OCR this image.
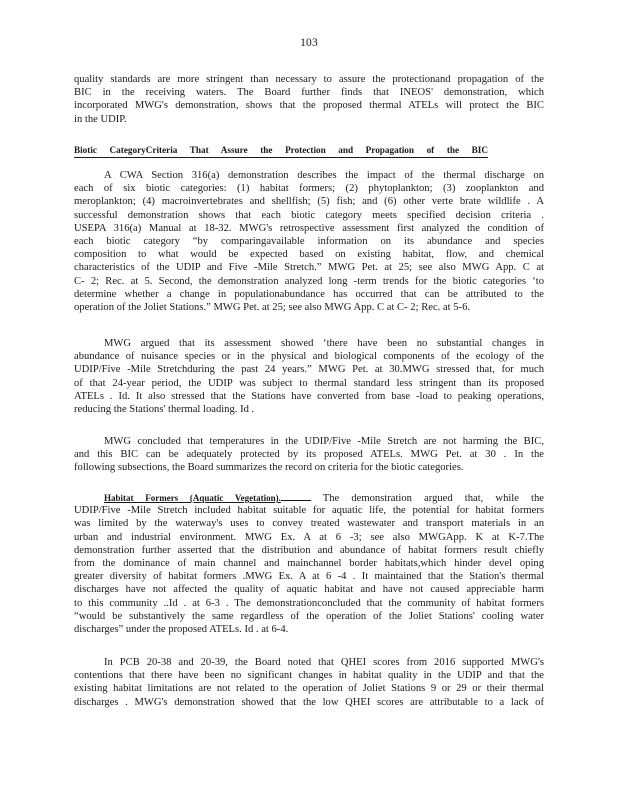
103
quality standards are more stringent than necessary to assure the protectionand propagation of the
BIC in the receiving waters. The Board further finds that INEOS' demonstration, which
incorporated MWG's demonstration, shows that the proposed thermal ATELs will protect the BIC
in the UDIP.
Biotic CategoryCriteria That Assure the Protection and Propagation of the BIC
A CWA Section 316(a) demonstration describes the impact of the thermal discharge on
each of six biotic categories: (1) habitat formers; (2) phytoplankton; (3) zooplankton and
meroplankton; (4) macroinvertebrates and shellfish; (5) fish; and (6) other verte brate wildlife . A
successful demonstration shows that each biotic category meets specified decision criteria .
USEPA 316(a) Manual at 18-32. MWG's retrospective assessment first analyzed the condition of
each biotic category “by comparingavailable information on its abundance and species
composition to what would be expected based on existing habitat, flow, and chemical
characteristics of the UDIP and Five -Mile Stretch.” MWG Pet. at 25; see also MWG App. C at
C- 2; Rec. at 5. Second, the demonstration analyzed long -term trends for the biotic categories ‘to
determine whether a change in populationabundance has occurred that can be attributed to the
operation of the Joliet Stations.” MWG Pet. at 25; see also MWG App. C at C- 2; Rec. at 5-6.
MWG argued that its assessment showed ‘there have been no substantial changes in
abundance of nuisance species or in the physical and biological components of the ecology of the
UDIP/Five -Mile Stretchduring the past 24 years.” MWG Pet. at 30.MWG stressed that, for much
of that 24-year period, the UDIP was subject to thermal standard less stringent than its proposed
ATELs . Id. It also stressed that the Stations have converted from base -load to peaking operations,
reducing the Stations' thermal loading. Id .
MWG concluded that temperatures in the UDIP/Five -Mile Stretch are not harming the BIC,
and this BIC can be adequately protected by its proposed ATELs. MWG Pet. at 30 . In the
following subsections, the Board summarizes the record on criteria for the biotic categories.
Habitat Formers (Aquatic Vegetation).	The demonstration argued that, while the
UDIP/Five -Mile Stretch included habitat suitable for aquatic life, the potential for habitat formers
was limited by the waterway's uses to convey treated wastewater and transport materials in an
urban and industrial environment. MWG Ex. A at 6 -3; see also MWGApp. K at K-7.The
demonstration further asserted that the distribution and abundance of habitat formers result chiefly
from the dominance of main channel and mainchannel border habitats,which hinder devel oping
greater diversity of habitat formers .MWG Ex. A at 6 -4 . It maintained that the Station's thermal
discharges have not affected the quality of aquatic habitat and have not caused appreciable harm
to this community ..Id . at 6-3 . The demonstrationconcluded that the community of habitat formers
“would be substantively the same regardless of the operation of the Joliet Stations' cooling water
discharges” under the proposed ATELs. Id . at 6-4.
In PCB 20-38 and 20-39, the Board noted that QHEI scores from 2016 supported MWG's
contentions that there have been no significant changes in habitat quality in the UDIP and that the
existing habitat limitations are not related to the operation of Joliet Stations 9 or 29 or their thermal
discharges . MWG's demonstration showed that the low QHEI scores are attributable to a lack of
